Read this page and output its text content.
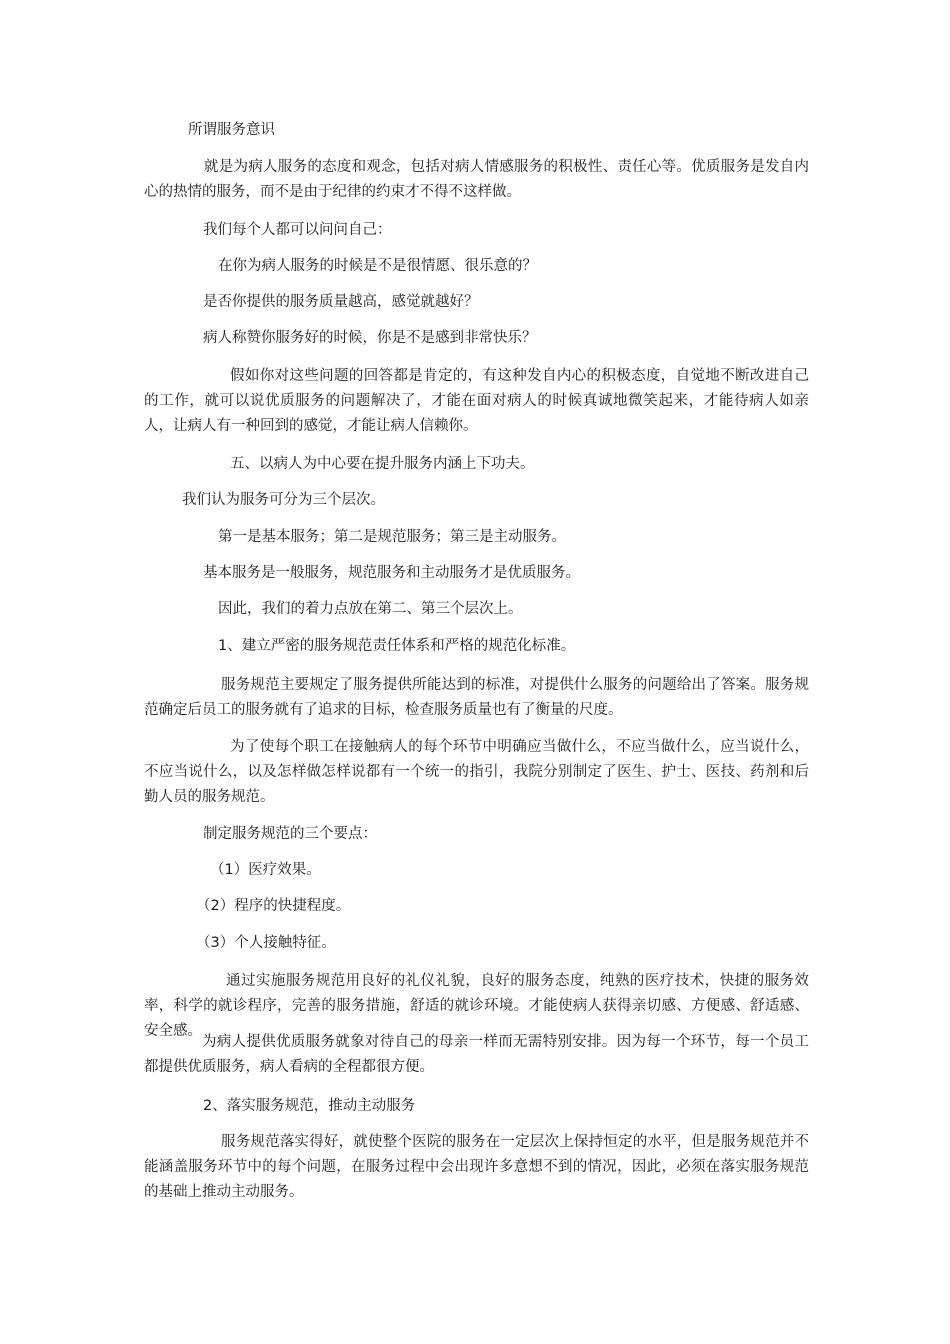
所谓服务意识

就是为病人服务的态度和观念，包括对病人情感服务的积极性、责任心等。优质服务是发自内心的热情的服务，而不是由于纪律的约束才不得不这样做。

我们每个人都可以问问自己：

在你为病人服务的时候是不是很情愿、很乐意的？

是否你提供的服务质量越高，感觉就越好？

病人称赞你服务好的时候，你是不是感到非常快乐？

假如你对这些问题的回答都是肯定的，有这种发自内心的积极态度，自觉地不断改进自己的工作，就可以说优质服务的问题解决了，才能在面对病人的时候真诚地微笑起来，才能待病人如亲人，让病人有一种回到的感觉，才能让病人信赖你。

五、以病人为中心要在提升服务内涵上下功夫。

我们认为服务可分为三个层次。

第一是基本服务；第二是规范服务；第三是主动服务。

基本服务是一般服务，规范服务和主动服务才是优质服务。

因此，我们的着力点放在第二、第三个层次上。

1、建立严密的服务规范责任体系和严格的规范化标准。

服务规范主要规定了服务提供所能达到的标准，对提供什么服务的问题给出了答案。服务规范确定后员工的服务就有了追求的目标，检查服务质量也有了衡量的尺度。

为了使每个职工在接触病人的每个环节中明确应当做什么，不应当做什么，应当说什么，不应当说什么，以及怎样做怎样说都有一个统一的指引，我院分别制定了医生、护士、医技、药剂和后勤人员的服务规范。

制定服务规范的三个要点：

（1）医疗效果。

（2）程序的快捷程度。

（3）个人接触特征。

通过实施服务规范用良好的礼仪礼貌，良好的服务态度，纯熟的医疗技术，快捷的服务效率，科学的就诊程序，完善的服务措施，舒适的就诊环境。才能使病人获得亲切感、方便感、舒适感、安全感。

为病人提供优质服务就象对待自己的母亲一样而无需特别安排。因为每一个环节，每一个员工都提供优质服务，病人看病的全程都很方便。

2、落实服务规范，推动主动服务

服务规范落实得好，就使整个医院的服务在一定层次上保持恒定的水平，但是服务规范并不能涵盖服务环节中的每个问题，在服务过程中会出现许多意想不到的情况，因此，必须在落实服务规范的基础上推动主动服务。
